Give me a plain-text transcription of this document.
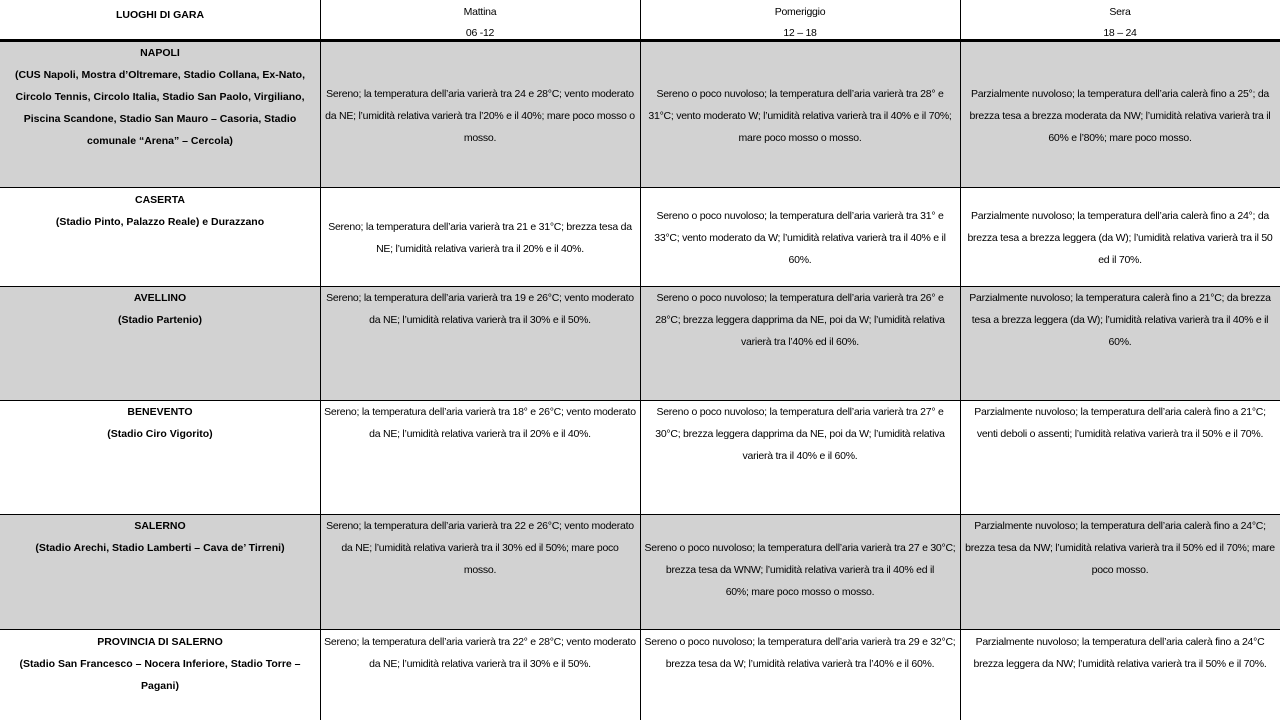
LUOGHI DI GARA	Mattina
06 -12
Pomeriggio
12 – 18
Sera
18 – 24
NAPOLI
(CUS Napoli, Mostra d’Oltremare, Stadio Collana, Ex-Nato, Circolo Tennis, Circolo Italia, Stadio San Paolo, Virgiliano, Piscina Scandone, Stadio San Mauro – Casoria, Stadio comunale “Arena” – Cercola)
Sereno; la temperatura dell’aria varierà tra 24 e 28°C; vento moderato da NE; l’umidità relativa varierà tra l’20% e il 40%; mare poco mosso o mosso.
Sereno o poco nuvoloso; la temperatura dell’aria varierà tra 28° e 31°C; vento moderato W; l’umidità relativa varierà tra il 40% e il 70%; mare poco mosso o mosso.
Parzialmente nuvoloso; la temperatura dell’aria calerà fino a 25°; da brezza tesa a brezza moderata da NW; l’umidità relativa varierà tra il 60% e l’80%; mare poco mosso.
CASERTA
(Stadio Pinto, Palazzo Reale) e Durazzano	Sereno; la temperatura dell’aria varierà tra 21 e 31°C; brezza tesa da NE; l’umidità relativa varierà tra il 20% e il 40%.
Sereno o poco nuvoloso; la temperatura dell’aria varierà tra 31° e 33°C; vento moderato da W; l’umidità relativa varierà tra il 40% e il 60%.
Parzialmente nuvoloso; la temperatura dell’aria calerà fino a 24°; da brezza tesa a brezza leggera (da W); l’umidità relativa varierà tra il 50 ed il 70%.
AVELLINO
(Stadio Partenio)
Sereno; la temperatura dell’aria varierà tra 19 e 26°C; vento moderato da NE; l’umidità relativa varierà tra il 30% e il 50%.
Sereno o poco nuvoloso; la temperatura dell’aria varierà tra 26° e 28°C; brezza leggera dapprima da NE, poi da W; l’umidità relativa varierà tra l’40% ed il 60%.
Parzialmente nuvoloso; la temperatura calerà fino a 21°C; da brezza tesa a brezza leggera (da W); l’umidità relativa varierà tra il 40% e il 60%.
BENEVENTO
(Stadio Ciro Vigorito)
Sereno; la temperatura dell’aria varierà tra 18° e 26°C; vento moderato da NE; l’umidità relativa varierà tra il 20% e il 40%.
Sereno o poco nuvoloso; la temperatura dell’aria varierà tra 27° e 30°C; brezza leggera dapprima da NE, poi da W; l’umidità relativa varierà tra il 40% e il 60%.
Parzialmente nuvoloso; la temperatura dell’aria calerà fino a 21°C; venti deboli o assenti; l’umidità relativa varierà tra il 50% e il 70%.
SALERNO
(Stadio Arechi, Stadio Lamberti – Cava de’ Tirreni)
Sereno; la temperatura dell’aria varierà tra 22 e 26°C; vento moderato da NE; l’umidità relativa varierà tra il 30% ed il 50%; mare poco mosso.

Sereno o poco nuvoloso; la temperatura dell’aria varierà tra 27 e 30°C; brezza tesa da WNW; l’umidità relativa varierà tra il 40% ed il
60%; mare poco mosso o mosso.

Parzialmente nuvoloso; la temperatura dell’aria calerà fino a 24°C; brezza tesa da NW; l’umidità relativa varierà tra il 50% ed il 70%; mare poco mosso.
PROVINCIA DI SALERNO
(Stadio San Francesco – Nocera Inferiore, Stadio Torre – Pagani)
Sereno; la temperatura dell’aria varierà tra 22° e 28°C; vento moderato da NE; l’umidità relativa varierà tra il 30% e il 50%.
Sereno o poco nuvoloso; la temperatura dell’aria varierà tra 29 e 32°C; brezza tesa da W; l’umidità relativa varierà tra l’40% e il 60%.
Parzialmente nuvoloso; la temperatura dell’aria calerà fino a 24°C brezza leggera da NW; l’umidità relativa varierà tra il 50% e il 70%.
